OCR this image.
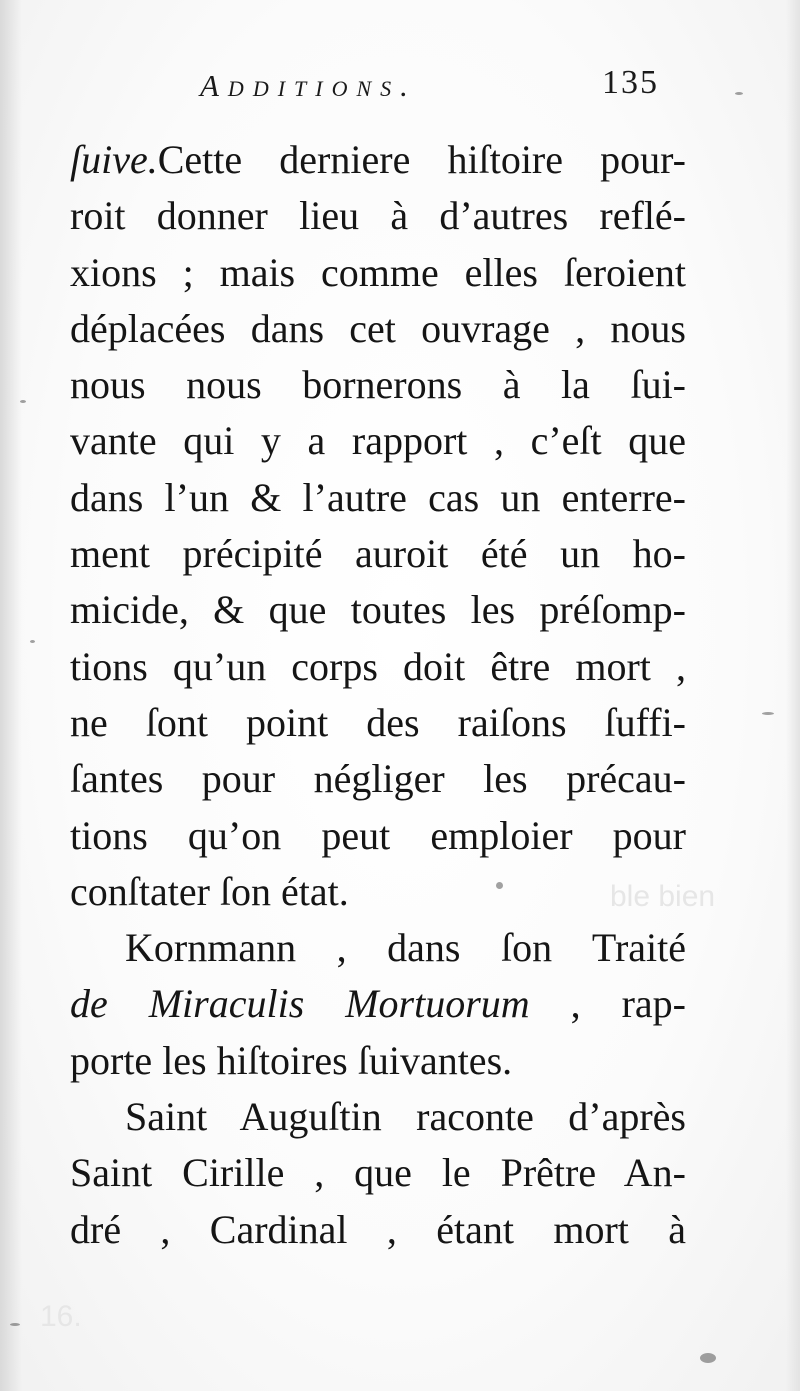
ble bien
16.
Additions.	135
ſuive.Cette derniere hiſtoire pour-
roit donner lieu à d’autres reflé-
xions ; mais comme elles ſeroient
déplacées dans cet ouvrage , nous
nous nous bornerons à la ſui-
vante qui y a rapport , c’eſt que
dans l’un & l’autre cas un enterre-
ment précipité auroit été un ho-
micide, & que toutes les préſomp-
tions qu’un corps doit être mort ,
ne ſont point des raiſons ſuffi-
ſantes pour négliger les précau-
tions qu’on peut emploier pour
conſtater ſon état.
Kornmann , dans ſon Traité
de Miraculis Mortuorum , rap-
porte les hiſtoires ſuivantes.
Saint Auguſtin raconte d’après
Saint Cirille , que le Prêtre An-
dré , Cardinal , étant mort à
